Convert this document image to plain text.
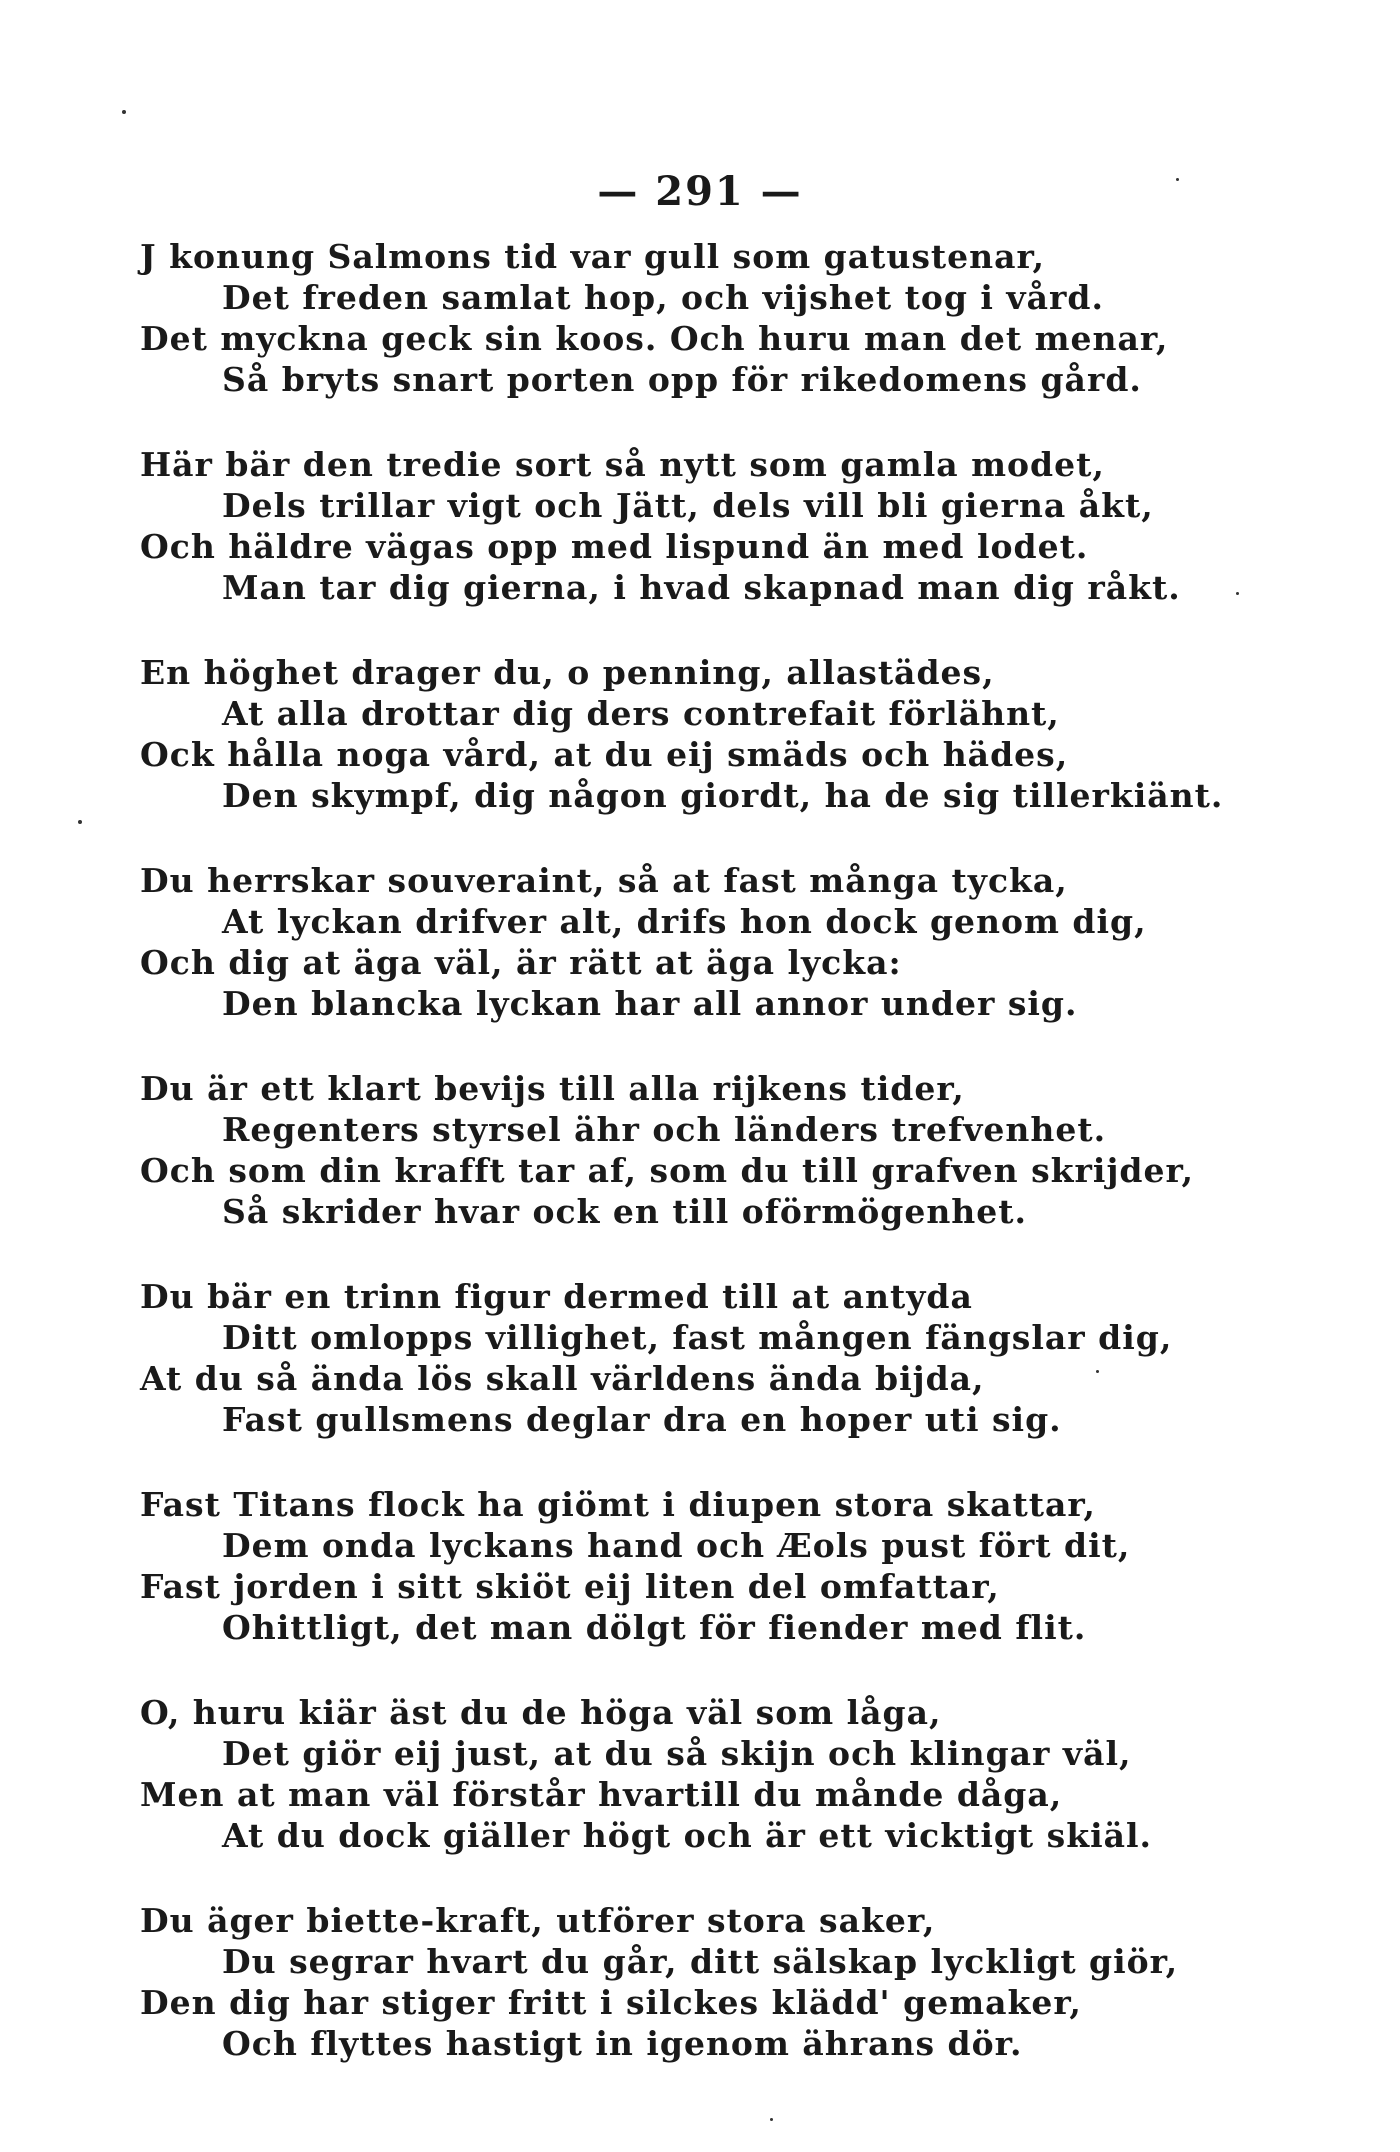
— 291 —
J konung Salmons tid var gull som gatustenar,
Det freden samlat hop, och vijshet tog i vård.
Det myckna geck sin koos. Och huru man det menar,
Så bryts snart porten opp för rikedomens gård.
Här bär den tredie sort så nytt som gamla modet,
Dels trillar vigt och Jätt, dels vill bli gierna åkt,
Och häldre vägas opp med lispund än med lodet.
Man tar dig gierna, i hvad skapnad man dig råkt.
En höghet drager du, o penning, allastädes,
At alla drottar dig ders contrefait förlähnt,
Ock hålla noga vård, at du eij smäds och hädes,
Den skympf, dig någon giordt, ha de sig tillerkiänt.
Du herrskar souveraint, så at fast många tycka,
At lyckan drifver alt, drifs hon dock genom dig,
Och dig at äga väl, är rätt at äga lycka:
Den blancka lyckan har all annor under sig.
Du är ett klart bevijs till alla rijkens tider,
Regenters styrsel ähr och länders trefvenhet.
Och som din krafft tar af, som du till grafven skrijder,
Så skrider hvar ock en till oförmögenhet.
Du bär en trinn figur dermed till at antyda
Ditt omlopps villighet, fast mången fängslar dig,
At du så ända lös skall världens ända bijda,
Fast gullsmens deglar dra en hoper uti sig.
Fast Titans flock ha giömt i diupen stora skattar,
Dem onda lyckans hand och Æols pust fört dit,
Fast jorden i sitt skiöt eij liten del omfattar,
Ohittligt, det man dölgt för fiender med flit.
O, huru kiär äst du de höga väl som låga,
Det giör eij just, at du så skijn och klingar väl,
Men at man väl förstår hvartill du månde dåga,
At du dock giäller högt och är ett vicktigt skiäl.
Du äger biette-kraft, utförer stora saker,
Du segrar hvart du går, ditt sälskap lyckligt giör,
Den dig har stiger fritt i silckes klädd' gemaker,
Och flyttes hastigt in igenom ährans dör.
